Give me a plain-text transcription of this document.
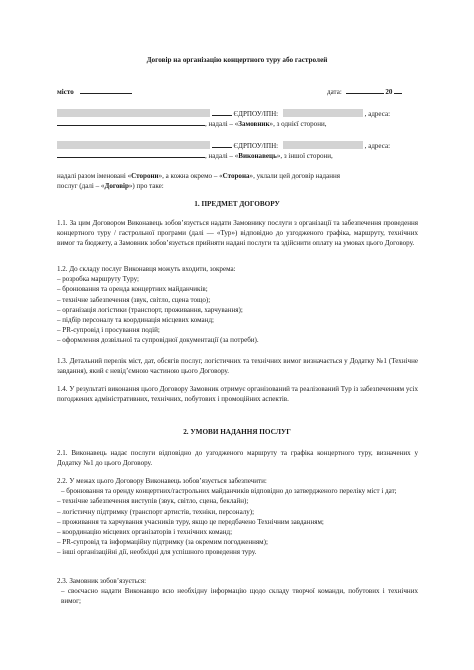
Договір на організацію концертного туру або гастролей
місто	дата:	20
ЄДРПОУ/ІПН:	, адреса:
, надалі – «Замовник», з однієї сторони,
ЄДРПОУ/ІПН:	, адреса:
, надалі – «Виконавець», з іншої сторони,

надалі разом іменовані «Сторони», а кожна окремо – «Сторона», уклали цей договір надання
послуг (далі – «Договір») про таке:

1. ПРЕДМЕТ ДОГОВОРУ
1.1. За цим Договором Виконавець зобов’язується надати Замовнику послуги з організації та забезпечення проведення концертного туру / гастрольної програми (далі — «Тур») відповідно до узгодженого графіка, маршруту, технічних вимог та бюджету, а Замовник зобов’язується прийняти надані послуги та здійснити оплату на умовах цього Договору.

1.2. До складу послуг Виконавця можуть входити, зокрема:

– розробка маршруту Туру;
– бронювання та оренда концертних майданчиків;
– технічне забезпечення (звук, світло, сцена тощо);
– організація логістики (транспорт, проживання, харчування);
– підбір персоналу та координація місцевих команд;
– PR-супровід і просування подій;
– оформлення дозвільної та супровідної документації (за потреби).
1.3. Детальний перелік міст, дат, обсягів послуг, логістичних та технічних вимог визначається у Додатку №1 (Технічне завдання), який є невід’ємною частиною цього Договору.
1.4. У результаті виконання цього Договору Замовник отримує організований та реалізований Тур із забезпеченням усіх погоджених адміністративних, технічних, побутових і промоційних аспектів.
2. УМОВИ НАДАННЯ ПОСЛУГ
2.1. Виконавець надає послуги відповідно до узгодженого маршруту та графіка концертного туру, визначених у Додатку №1 до цього Договору.

2.2. У межах цього Договору Виконавець зобов’язується забезпечити:

– бронювання та оренду концертних/гастрольних майданчиків відповідно до затвердженого переліку міст і дат;
– технічне забезпечення виступів (звук, світло, сцена, беклайн);
– логістичну підтримку (транспорт артистів, техніки, персоналу);
– проживання та харчування учасників туру, якщо це передбачено Технічним завданням;
– координацію місцевих організаторів і технічних команд;
– PR-супровід та інформаційну підтримку (за окремим погодженням);
– інші організаційні дії, необхідні для успішного проведення туру.

2.3. Замовник зобов’язується:

– своєчасно надати Виконавцю всю необхідну інформацію щодо складу творчої команди, побутових і технічних вимог;
